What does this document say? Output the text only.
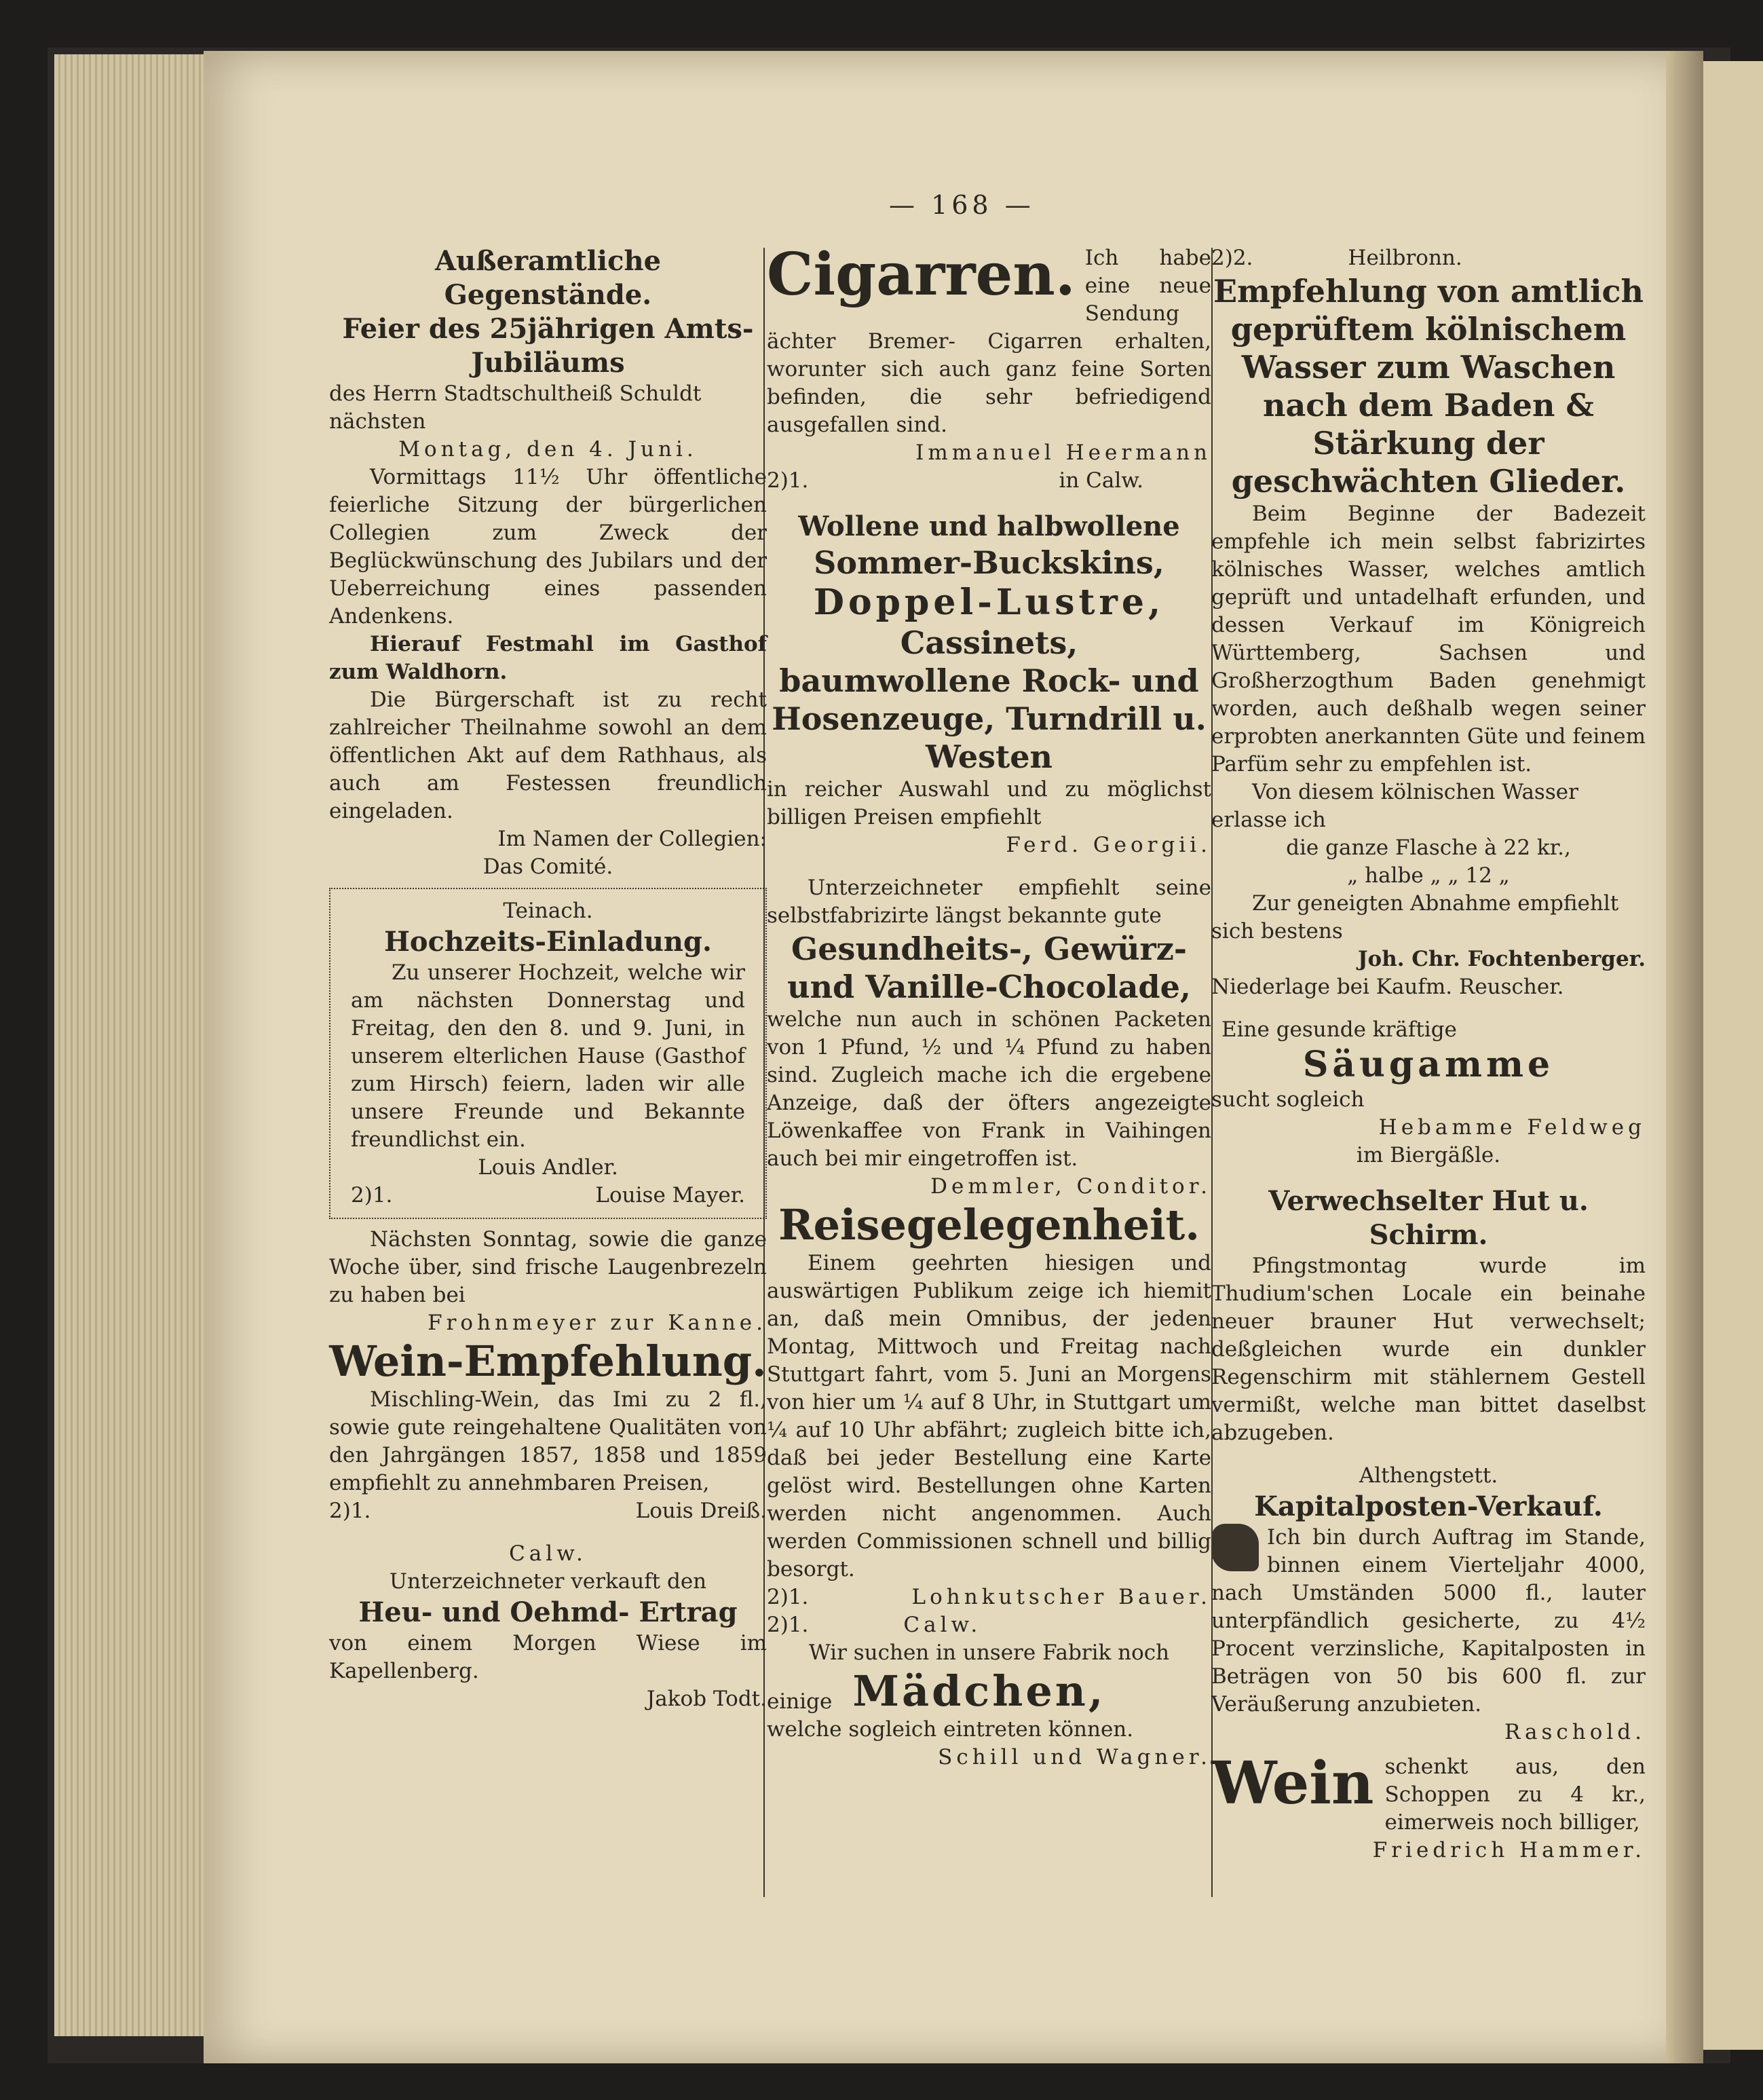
— 168 —

Außeramtliche Gegenstände.

Feier des 25jährigen Amts-Jubiläums

des Herrn Stadtschultheiß Schuldt nächsten

Montag, den 4. Juni.

Vormittags 11½ Uhr öffentliche feierliche Sitzung der bürgerlichen Collegien zum Zweck der Beglückwünschung des Jubilars und der Ueberreichung eines passenden Andenkens.

Hierauf Festmahl im Gasthof zum Waldhorn.

Die Bürgerschaft ist zu recht zahlreicher Theilnahme sowohl an dem öffentlichen Akt auf dem Rathhaus, als auch am Festessen freundlich eingeladen.

Im Namen der Collegien:

Das Comité.

Teinach.

Hochzeits-Einladung.

Zu unserer Hochzeit, welche wir am nächsten Donnerstag und Freitag, den den 8. und 9. Juni, in unserem elterlichen Hause (Gasthof zum Hirsch) feiern, laden wir alle unsere Freunde und Bekannte freundlichst ein.

Louis Andler.

2)1.	Louise Mayer.

Nächsten Sonntag, sowie die ganze Woche über, sind frische Laugenbrezeln zu haben bei

Frohnmeyer zur Kanne.

Wein-Empfehlung.

Mischling-Wein, das Imi zu 2 fl., sowie gute reingehaltene Qualitäten von den Jahrgängen 1857, 1858 und 1859 empfiehlt zu annehmbaren Preisen,

2)1.	Louis Dreiß.

Calw.

Unterzeichneter verkauft den

Heu- und Oehmd- Ertrag

von einem Morgen Wiese im Kapellenberg.

Jakob Todt.

Cigarren. Ich habe eine neue Sendung ächter Bremer- Cigarren erhalten, worunter sich auch ganz feine Sorten befinden, die sehr befriedigend ausgefallen sind.

Immanuel Heermann

2)1.	in Calw.

Wollene und halbwollene

Sommer-Buckskins,

Doppel-Lustre,

Cassinets,

baumwollene Rock- und Hosenzeuge, Turndrill u. Westen

in reicher Auswahl und zu möglichst billigen Preisen empfiehlt

Ferd. Georgii.

Unterzeichneter empfiehlt seine selbstfabrizirte längst bekannte gute

Gesundheits-, Gewürz- und Vanille-Chocolade,

welche nun auch in schönen Packeten von 1 Pfund, ½ und ¼ Pfund zu haben sind. Zugleich mache ich die ergebene Anzeige, daß der öfters angezeigte Löwenkaffee von Frank in Vaihingen auch bei mir eingetroffen ist.

Demmler, Conditor.

Reisegelegenheit.

Einem geehrten hiesigen und auswärtigen Publikum zeige ich hiemit an, daß mein Omnibus, der jeden Montag, Mittwoch und Freitag nach Stuttgart fahrt, vom 5. Juni an Morgens von hier um ¼ auf 8 Uhr, in Stuttgart um ¼ auf 10 Uhr abfährt; zugleich bitte ich, daß bei jeder Bestellung eine Karte gelöst wird. Bestellungen ohne Karten werden nicht angenommen. Auch werden Commissionen schnell und billig besorgt.

2)1.	Lohnkutscher Bauer.

2)1.	Calw.

Wir suchen in unsere Fabrik noch

einige Mädchen,

welche sogleich eintreten können.

Schill und Wagner.

2)2.	Heilbronn.

Empfehlung von amtlich geprüftem kölnischem Wasser zum Waschen nach dem Baden & Stärkung der geschwächten Glieder.

Beim Beginne der Badezeit empfehle ich mein selbst fabrizirtes kölnisches Wasser, welches amtlich geprüft und untadelhaft erfunden, und dessen Verkauf im Königreich Württemberg, Sachsen und Großherzogthum Baden genehmigt worden, auch deßhalb wegen seiner erprobten anerkannten Güte und feinem Parfüm sehr zu empfehlen ist.

Von diesem kölnischen Wasser erlasse ich

die ganze Flasche à 22 kr.,

„ halbe „ „ 12 „

Zur geneigten Abnahme empfiehlt sich bestens

Joh. Chr. Fochtenberger.

Niederlage bei Kaufm. Reuscher.

Eine gesunde kräftige

Säugamme

sucht sogleich

Hebamme Feldweg

im Biergäßle.

Verwechselter Hut u. Schirm.

Pfingstmontag wurde im Thudium'schen Locale ein beinahe neuer brauner Hut verwechselt; deßgleichen wurde ein dunkler Regenschirm mit stählernem Gestell vermißt, welche man bittet daselbst abzugeben.

Althengstett.

Kapitalposten-Verkauf.

Ich bin durch Auftrag im Stande, binnen einem Vierteljahr 4000, nach Umständen 5000 fl., lauter unterpfändlich gesicherte, zu 4½ Procent verzinsliche, Kapitalposten in Beträgen von 50 bis 600 fl. zur Veräußerung anzubieten.

Raschold.

Wein schenkt aus, den Schoppen zu 4 kr., eimerweis noch billiger,

Friedrich Hammer.
